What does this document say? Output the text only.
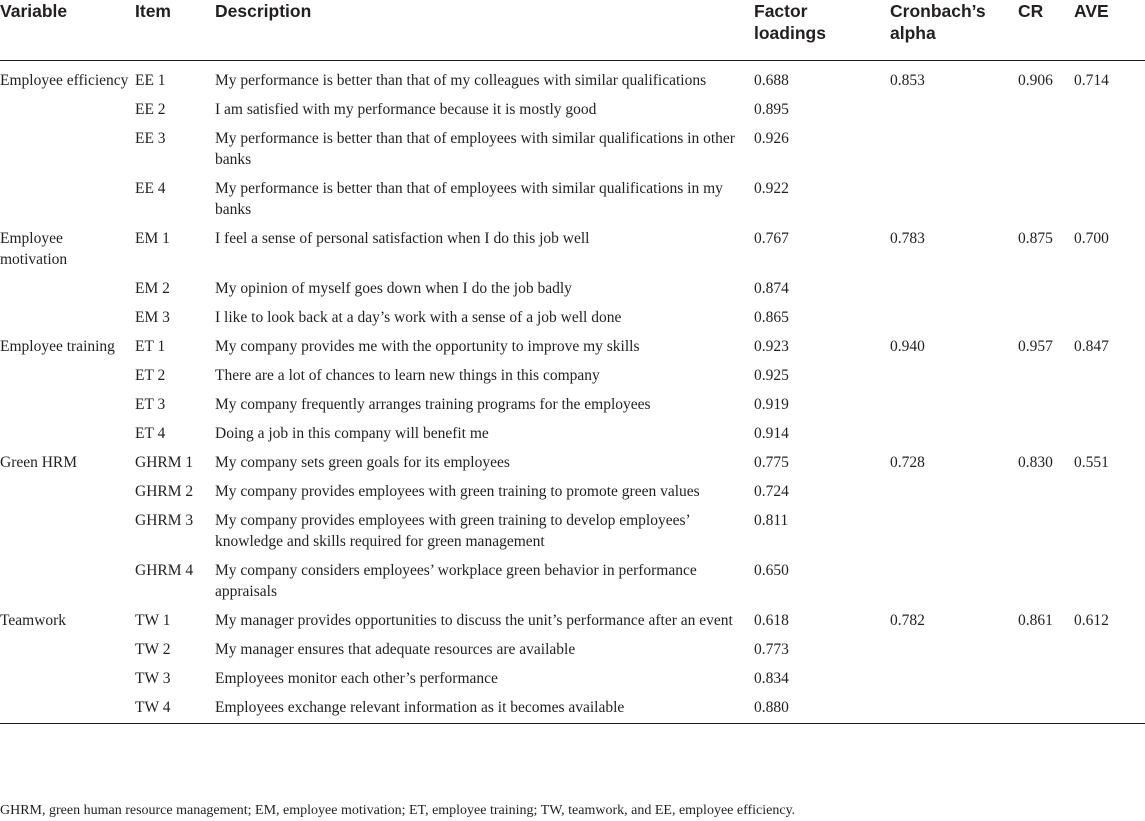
Variable	Item	Description	Factor loadings	Cronbach’s alpha	CR	AVE
Employee efficiency	EE 1	My performance is better than that of my colleagues with similar qualifications	0.688	0.853	0.906	0.714
	EE 2	I am satisfied with my performance because it is mostly good	0.895			
	EE 3	My performance is better than that of employees with similar qualifications in other banks	0.926			
	EE 4	My performance is better than that of employees with similar qualifications in my banks	0.922			
Employee motivation	EM 1	I feel a sense of personal satisfaction when I do this job well	0.767	0.783	0.875	0.700
	EM 2	My opinion of myself goes down when I do the job badly	0.874			
	EM 3	I like to look back at a day’s work with a sense of a job well done	0.865			
Employee training	ET 1	My company provides me with the opportunity to improve my skills	0.923	0.940	0.957	0.847
	ET 2	There are a lot of chances to learn new things in this company	0.925			
	ET 3	My company frequently arranges training programs for the employees	0.919			
	ET 4	Doing a job in this company will benefit me	0.914			
Green HRM	GHRM 1	My company sets green goals for its employees	0.775	0.728	0.830	0.551
	GHRM 2	My company provides employees with green training to promote green values	0.724			
	GHRM 3	My company provides employees with green training to develop employees’ knowledge and skills required for green management	0.811			
	GHRM 4	My company considers employees’ workplace green behavior in performance appraisals	0.650			
Teamwork	TW 1	My manager provides opportunities to discuss the unit’s performance after an event	0.618	0.782	0.861	0.612
	TW 2	My manager ensures that adequate resources are available	0.773			
	TW 3	Employees monitor each other’s performance	0.834			
	TW 4	Employees exchange relevant information as it becomes available	0.880			

GHRM, green human resource management; EM, employee motivation; ET, employee training; TW, teamwork, and EE, employee efficiency.
